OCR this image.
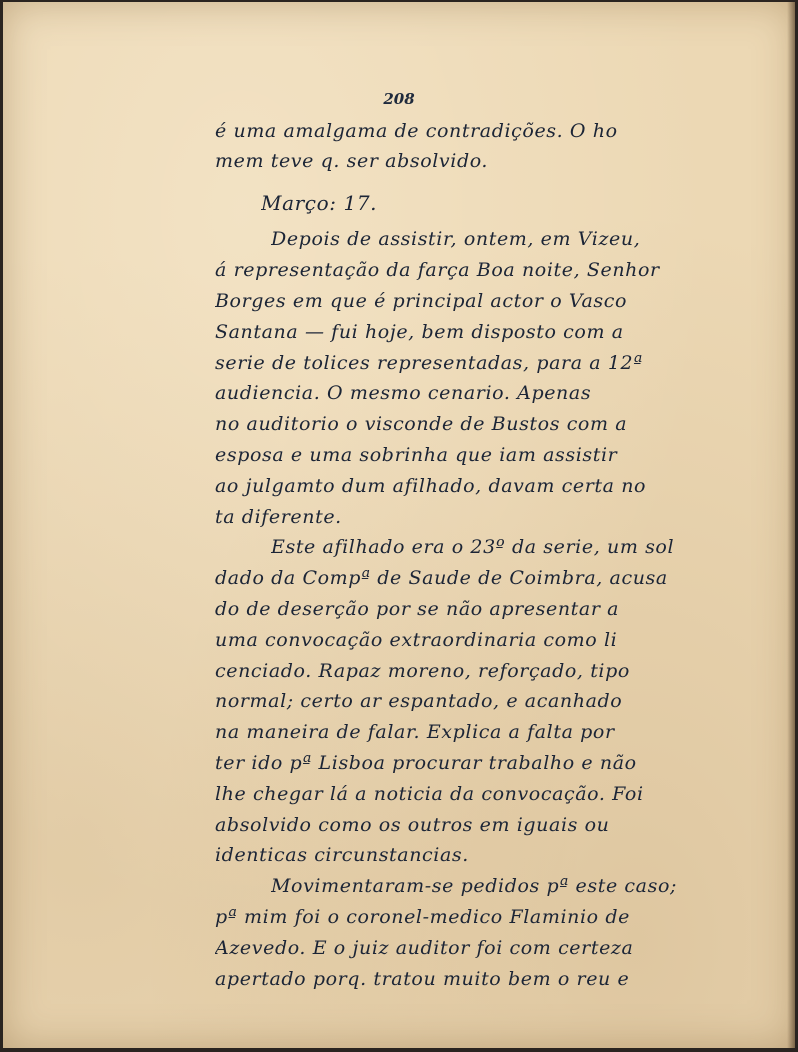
208
é uma amalgama de contradições. O ho
mem teve q. ser absolvido.
Março: 17.
Depois de assistir, ontem, em Vizeu,
á representação da farça Boa noite, Senhor
Borges em que é principal actor o Vasco
Santana — fui hoje, bem disposto com a
serie de tolices representadas, para a 12ª
audiencia. O mesmo cenario. Apenas
no auditorio o visconde de Bustos com a
esposa e uma sobrinha que iam assistir
ao julgamto dum afilhado, davam certa no
ta diferente.
Este afilhado era o 23º da serie, um sol
dado da Compª de Saude de Coimbra, acusa
do de deserção por se não apresentar a
uma convocação extraordinaria como li
cenciado. Rapaz moreno, reforçado, tipo
normal; certo ar espantado, e acanhado
na maneira de falar. Explica a falta por
ter ido pª Lisboa procurar trabalho e não
lhe chegar lá a noticia da convocação. Foi
absolvido como os outros em iguais ou
identicas circunstancias.
Movimentaram-se pedidos pª este caso;
pª mim foi o coronel-medico Flaminio de
Azevedo. E o juiz auditor foi com certeza
apertado porq. tratou muito bem o reu e
